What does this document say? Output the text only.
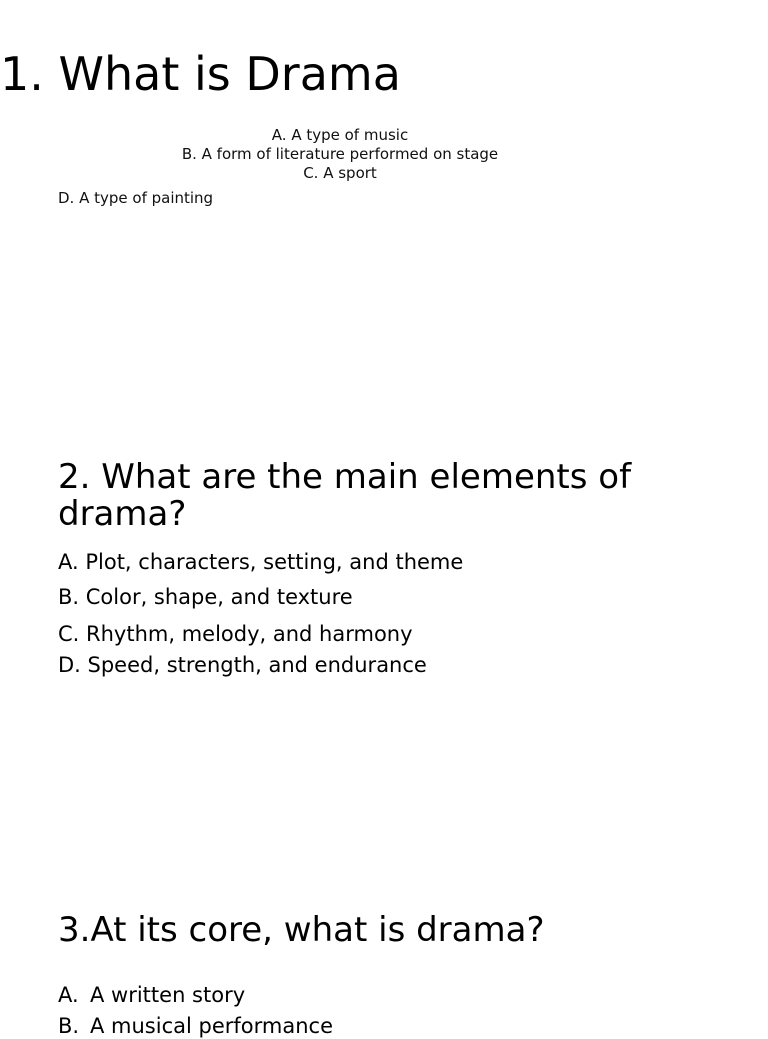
1. What is Drama

A. A type of music

B. A form of literature performed on stage

C. A sport

D. A type of painting

2. What are the main elements of drama?

A. Plot, characters, setting, and theme

B. Color, shape, and texture

C. Rhythm, melody, and harmony

D. Speed, strength, and endurance

3.At its core, what is drama?

A. A written story

B. A musical performance
